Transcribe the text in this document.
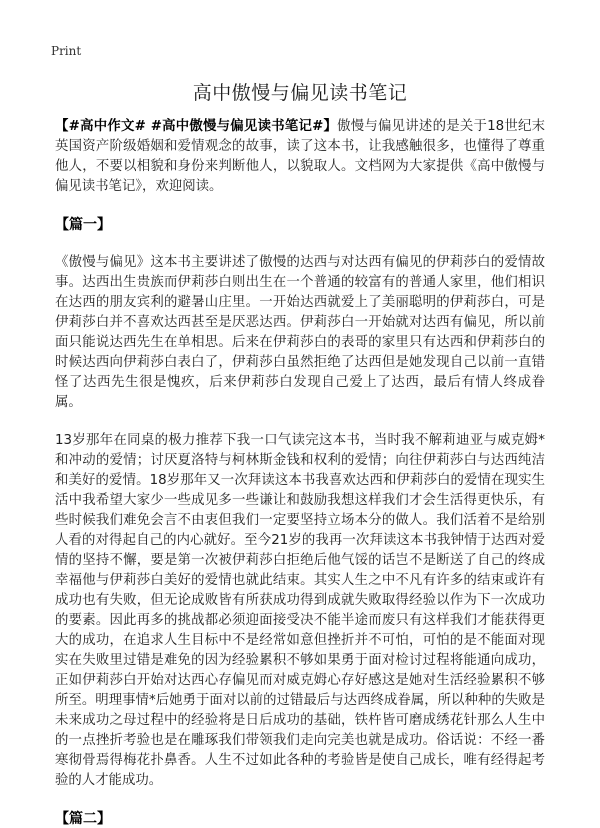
Print
高中傲慢与偏见读书笔记

【#高中作文# #高中傲慢与偏见读书笔记#】傲慢与偏见讲述的是关于18世纪末英国资产阶级婚姻和爱情观念的故事，读了这本书，让我感触很多，也懂得了尊重他人，不要以相貌和身份来判断他人，以貌取人。文档网为大家提供《高中傲慢与偏见读书笔记》，欢迎阅读。

【篇一】

《傲慢与偏见》这本书主要讲述了傲慢的达西与对达西有偏见的伊莉莎白的爱情故事。达西出生贵族而伊莉莎白则出生在一个普通的较富有的普通人家里，他们相识在达西的朋友宾利的避暑山庄里。一开始达西就爱上了美丽聪明的伊莉莎白，可是伊莉莎白并不喜欢达西甚至是厌恶达西。伊莉莎白一开始就对达西有偏见，所以前面只能说达西先生在单相思。后来在伊莉莎白的表哥的家里只有达西和伊莉莎白的时候达西向伊莉莎白表白了，伊莉莎白虽然拒绝了达西但是她发现自己以前一直错怪了达西先生很是愧疚，后来伊莉莎白发现自己爱上了达西，最后有情人终成眷属。

13岁那年在同桌的极力推荐下我一口气读完这本书，当时我不解莉迪亚与威克姆*和冲动的爱情；讨厌夏洛特与柯林斯金钱和权利的爱情；向往伊莉莎白与达西纯洁和美好的爱情。18岁那年又一次拜读这本书我喜欢达西和伊莉莎白的爱情在现实生活中我希望大家少一些成见多一些谦让和鼓励我想这样我们才会生活得更快乐，有些时候我们难免会言不由衷但我们一定要坚持立场本分的做人。我们活着不是给别人看的对得起自己的内心就好。至今21岁的我再一次拜读这本书我钟情于达西对爱情的坚持不懈，要是第一次被伊莉莎白拒绝后他气馁的话岂不是断送了自己的终成幸福他与伊莉莎白美好的爱情也就此结束。其实人生之中不凡有许多的结束或许有成功也有失败，但无论成败皆有所获成功得到成就失败取得经验以作为下一次成功的要素。因此再多的挑战都必须迎面接受决不能半途而废只有这样我们才能获得更大的成功，在追求人生目标中不是经常如意但挫折并不可怕，可怕的是不能面对现实在失败里过错是难免的因为经验累积不够如果勇于面对检讨过程将能通向成功，正如伊莉莎白开始对达西心存偏见而对威克姆心存好感这是她对生活经验累积不够所至。明理事情*后她勇于面对以前的过错最后与达西终成眷属，所以种种的失败是未来成功之母过程中的经验将是日后成功的基础，铁杵皆可磨成绣花针那么人生中的一点挫折考验也是在雕琢我们带领我们走向完美也就是成功。俗话说：不经一番寒彻骨焉得梅花扑鼻香。人生不过如此各种的考验皆是使自己成长，唯有经得起考验的人才能成功。

【篇二】
